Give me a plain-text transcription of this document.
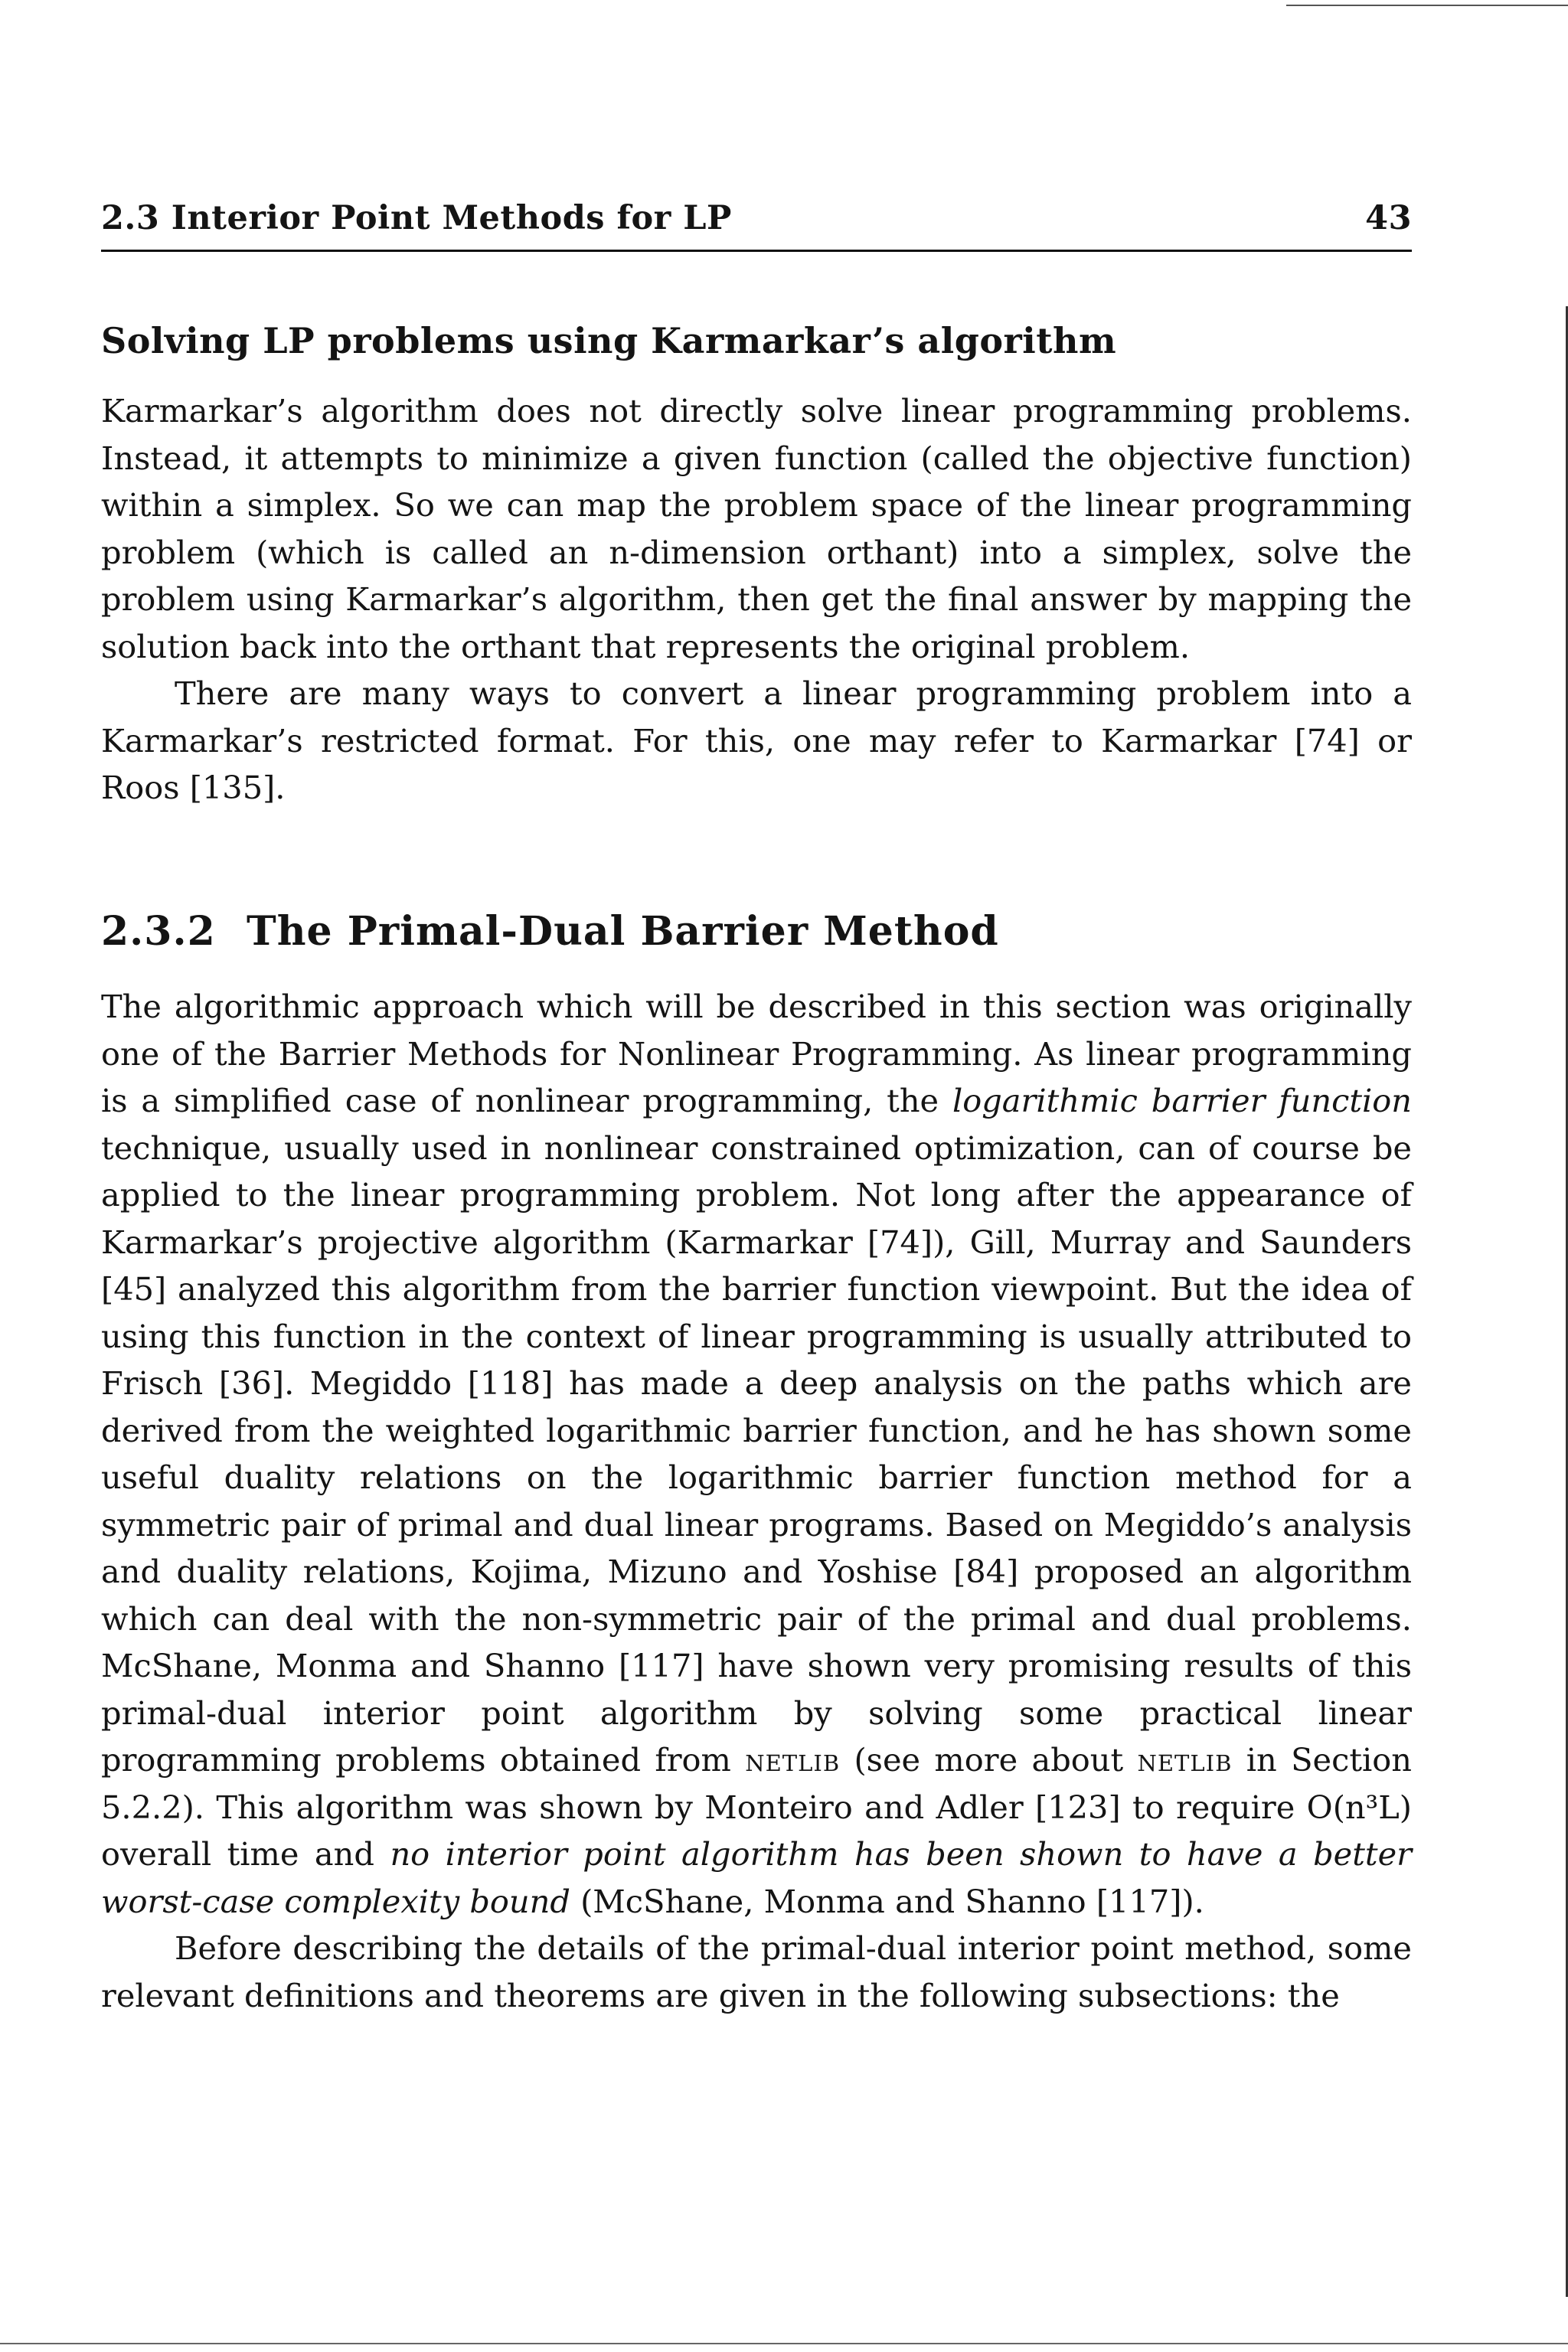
2.3 Interior Point Methods for LP	43
Solving LP problems using Karmarkar’s algorithm

Karmarkar’s algorithm does not directly solve linear programming problems. Instead, it attempts to minimize a given function (called the objective function) within a simplex. So we can map the problem space of the linear programming problem (which is called an n-dimension orthant) into a simplex, solve the problem using Karmarkar’s algorithm, then get the final answer by mapping the solution back into the orthant that represents the original problem.

There are many ways to convert a linear programming problem into a Karmarkar’s restricted format. For this, one may refer to Karmarkar [74] or Roos [135].

2.3.2 The Primal-Dual Barrier Method

The algorithmic approach which will be described in this section was originally one of the Barrier Methods for Nonlinear Programming. As linear programming is a simplified case of nonlinear programming, the logarithmic barrier function technique, usually used in nonlinear constrained optimization, can of course be applied to the linear programming problem. Not long after the appearance of Karmarkar’s projective algorithm (Karmarkar [74]), Gill, Murray and Saunders [45] analyzed this algorithm from the barrier function viewpoint. But the idea of using this function in the context of linear programming is usually attributed to Frisch [36]. Megiddo [118] has made a deep analysis on the paths which are derived from the weighted logarithmic barrier function, and he has shown some useful duality relations on the logarithmic barrier function method for a symmetric pair of primal and dual linear programs. Based on Megiddo’s analysis and duality relations, Kojima, Mizuno and Yoshise [84] proposed an algorithm which can deal with the non-symmetric pair of the primal and dual problems. McShane, Monma and Shanno [117] have shown very promising results of this primal-dual interior point algorithm by solving some practical linear programming problems obtained from netlib (see more about netlib in Section 5.2.2). This algorithm was shown by Monteiro and Adler [123] to require O(n³L) overall time and no interior point algorithm has been shown to have a better worst-case complexity bound (McShane, Monma and Shanno [117]).

Before describing the details of the primal-dual interior point method, some relevant definitions and theorems are given in the following subsections: the
